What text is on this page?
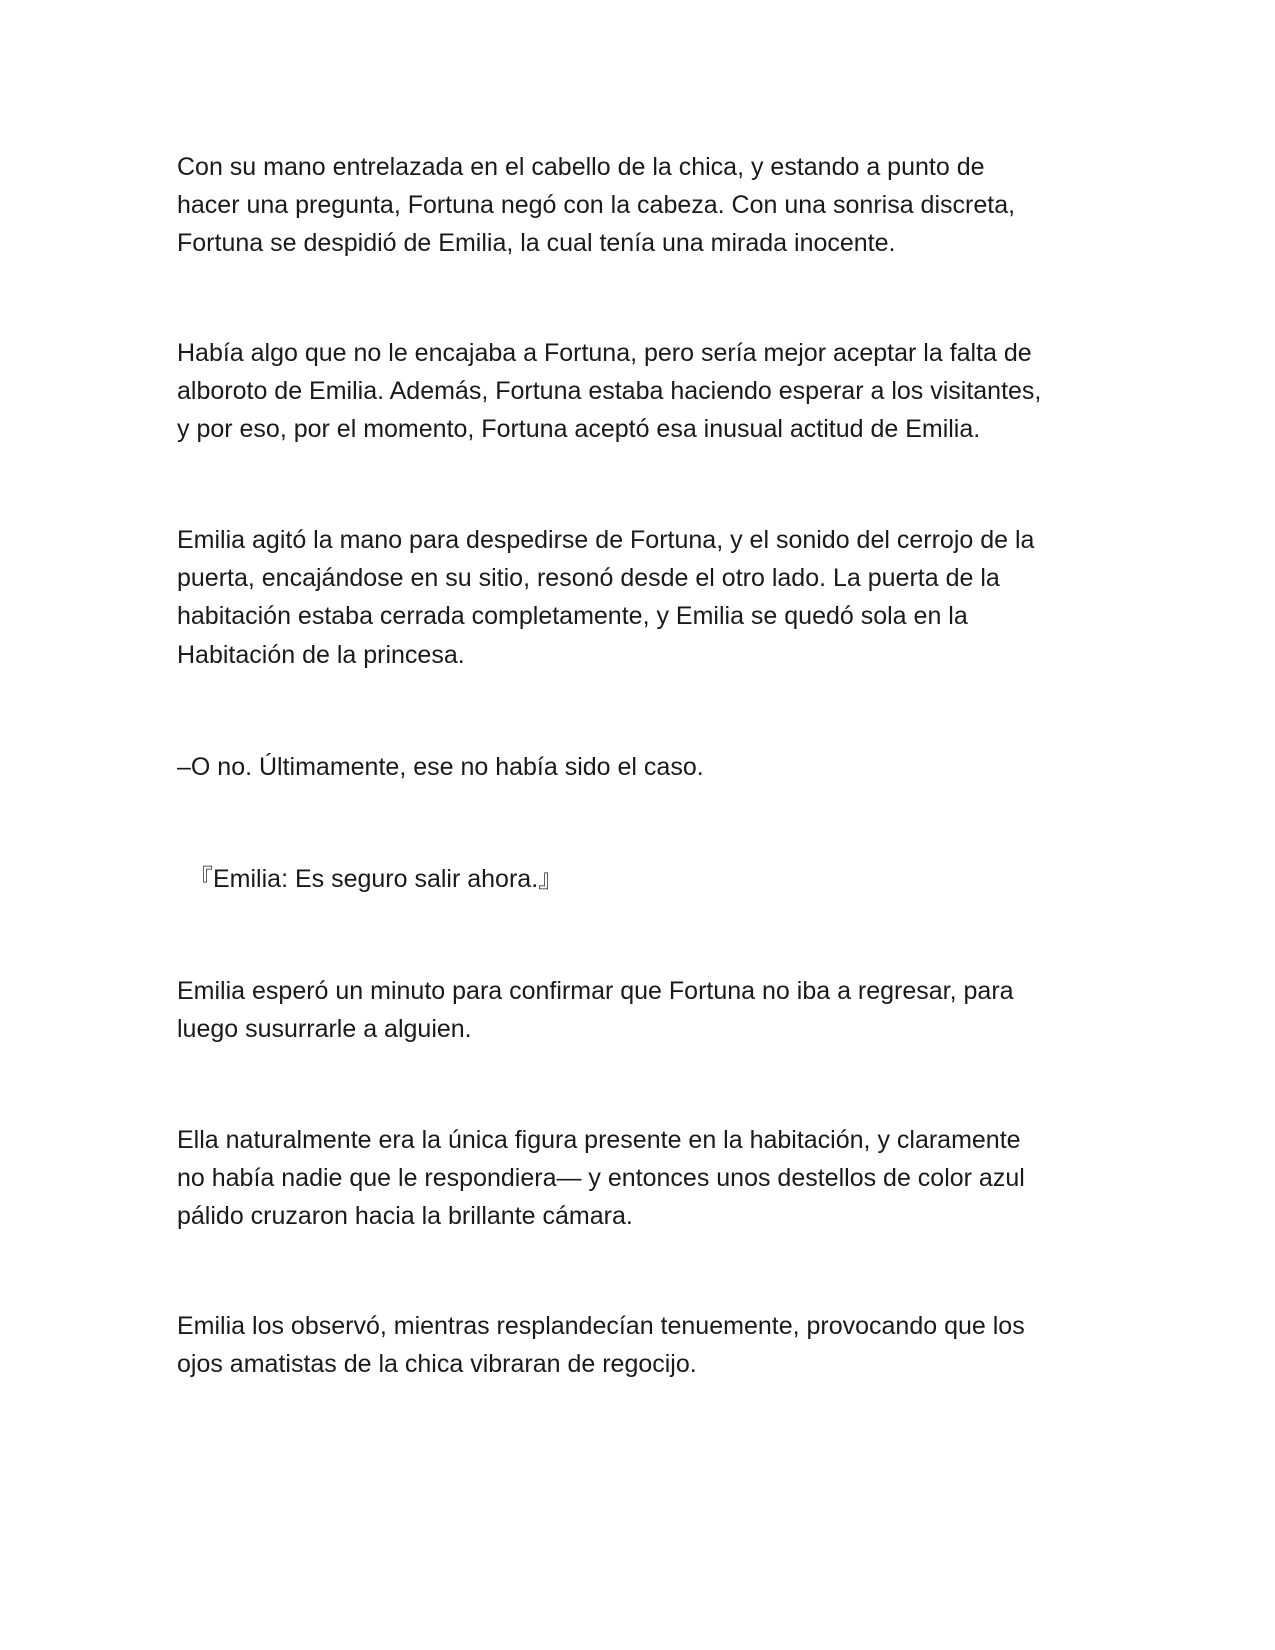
Con su mano entrelazada en el cabello de la chica, y estando a punto de
hacer una pregunta, Fortuna negó con la cabeza. Con una sonrisa discreta,
Fortuna se despidió de Emilia, la cual tenía una mirada inocente.

Había algo que no le encajaba a Fortuna, pero sería mejor aceptar la falta de
alboroto de Emilia. Además, Fortuna estaba haciendo esperar a los visitantes,
y por eso, por el momento, Fortuna aceptó esa inusual actitud de Emilia.

Emilia agitó la mano para despedirse de Fortuna, y el sonido del cerrojo de la
puerta, encajándose en su sitio, resonó desde el otro lado. La puerta de la
habitación estaba cerrada completamente, y Emilia se quedó sola en la
Habitación de la princesa.

–O no. Últimamente, ese no había sido el caso.

『Emilia: Es seguro salir ahora.』

Emilia esperó un minuto para confirmar que Fortuna no iba a regresar, para
luego susurrarle a alguien.

Ella naturalmente era la única figura presente en la habitación, y claramente
no había nadie que le respondiera— y entonces unos destellos de color azul
pálido cruzaron hacia la brillante cámara.

Emilia los observó, mientras resplandecían tenuemente, provocando que los
ojos amatistas de la chica vibraran de regocijo.
